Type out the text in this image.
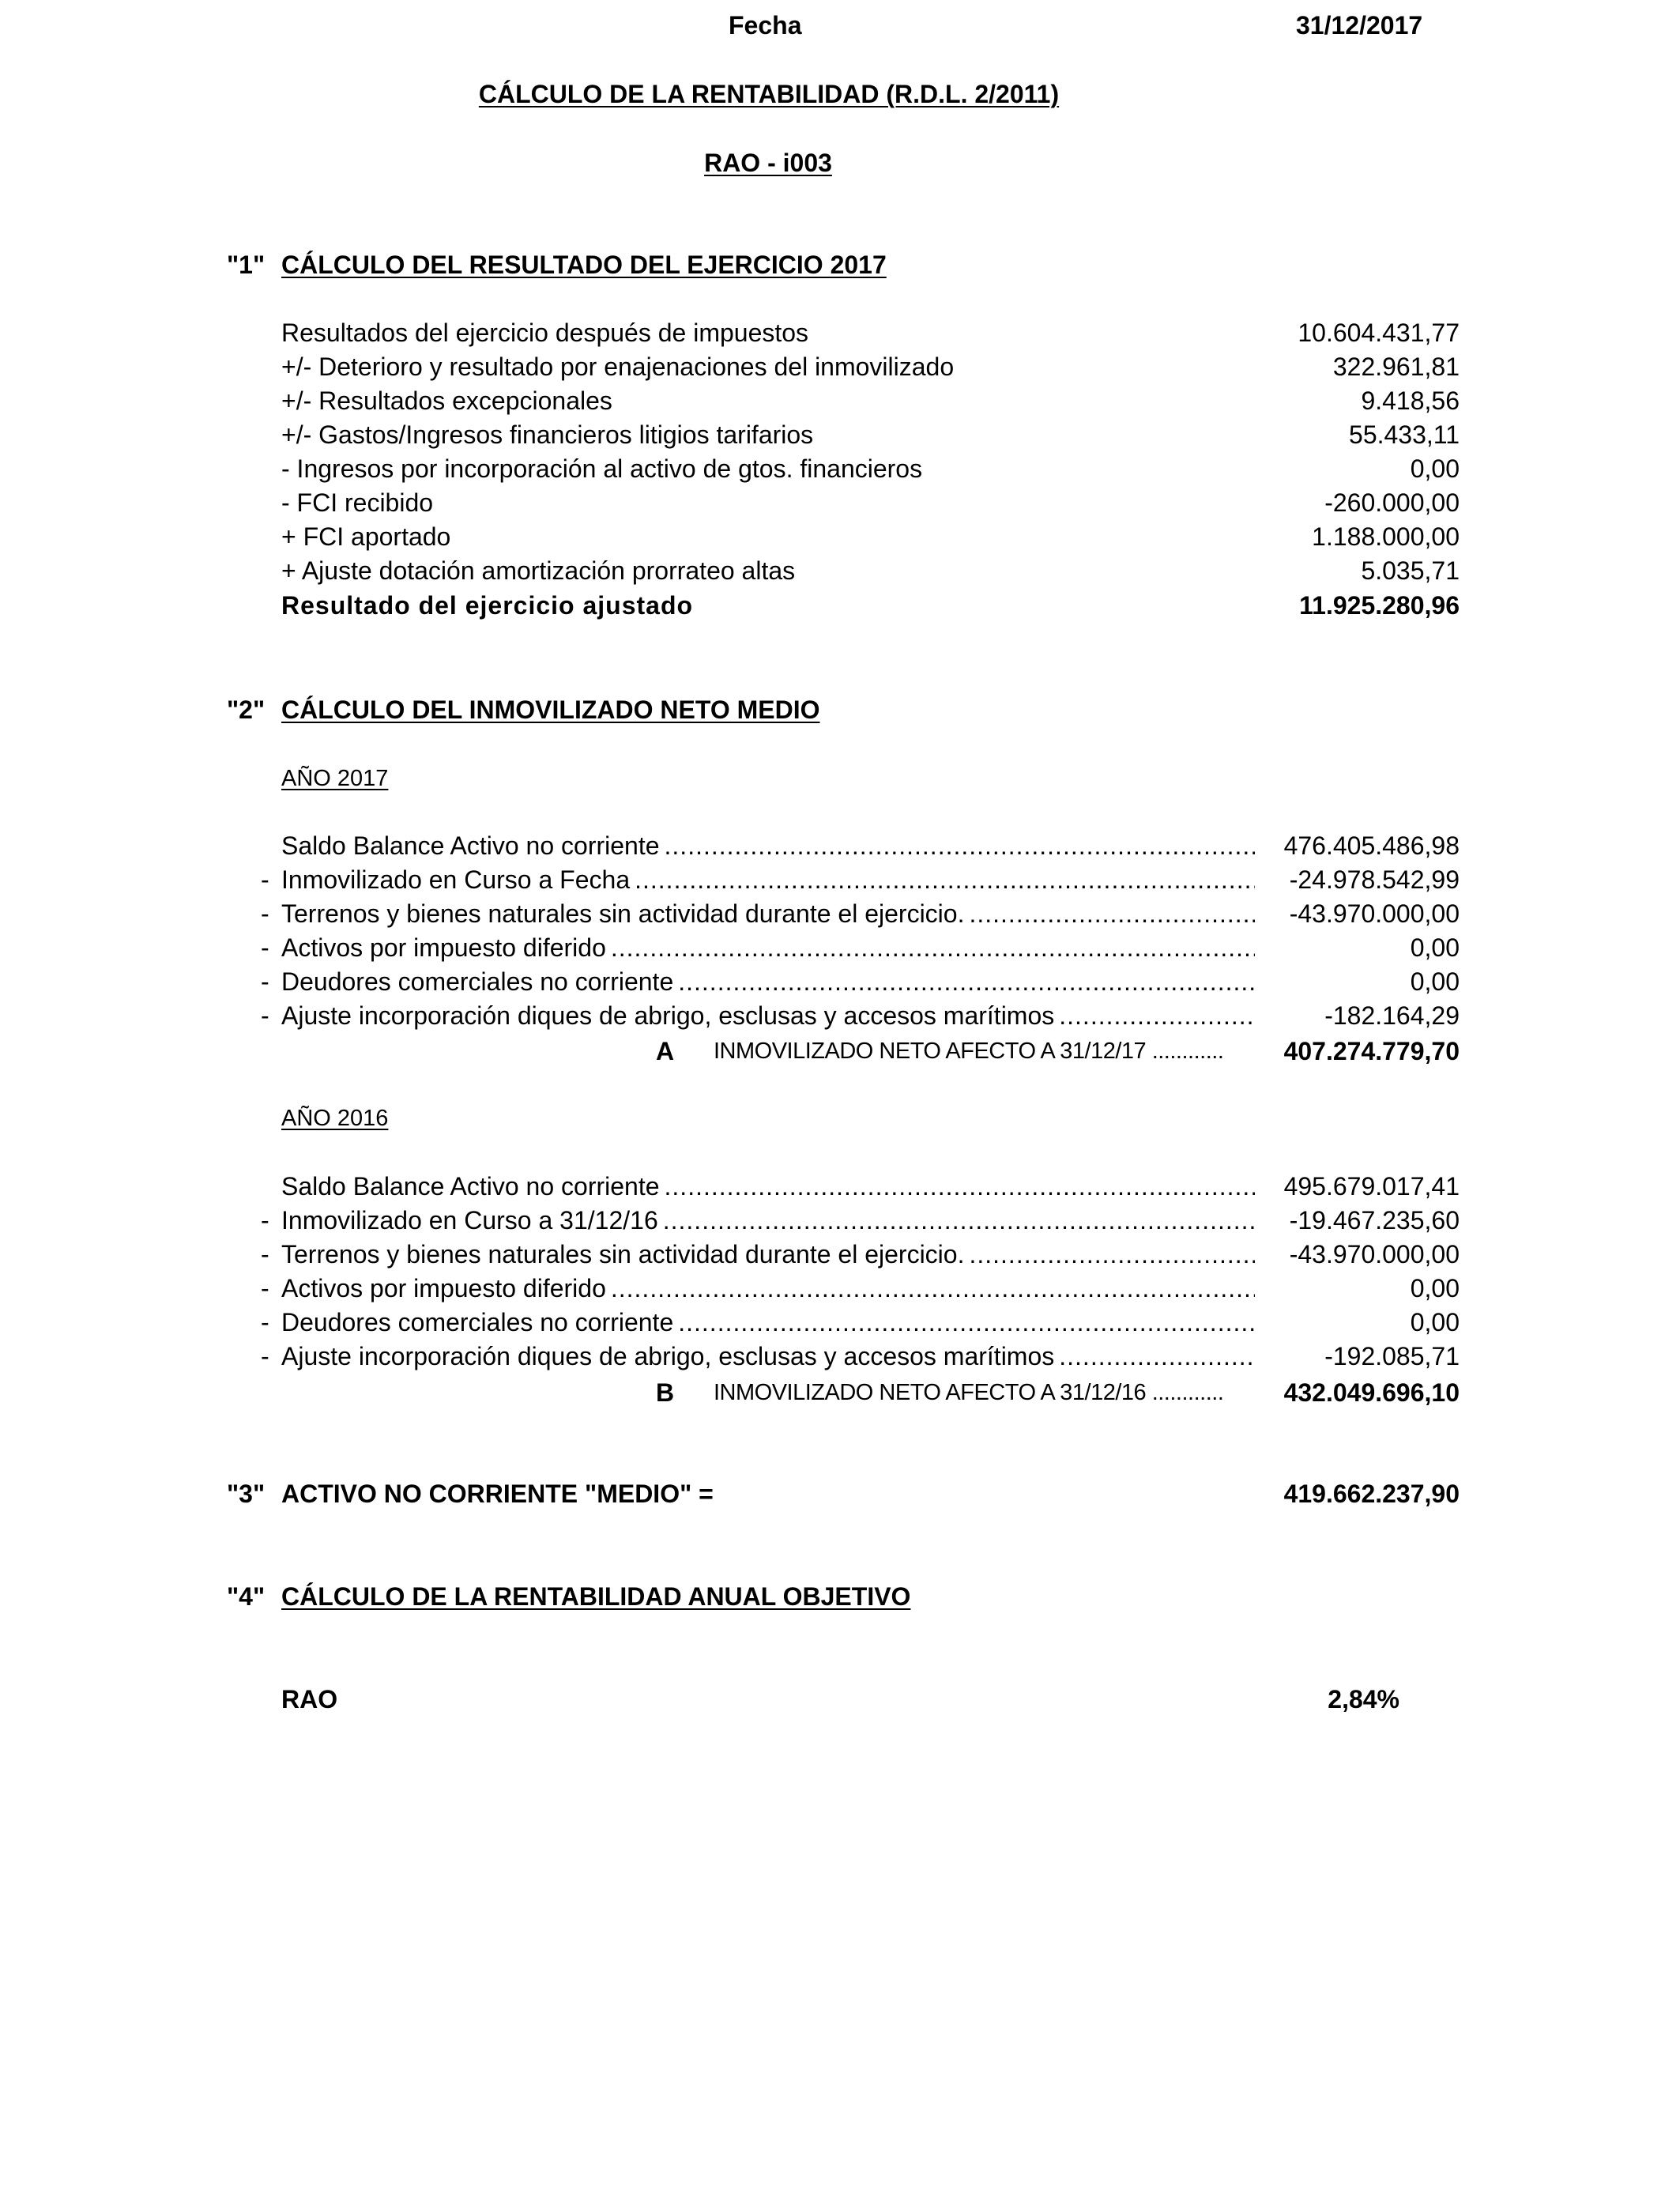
Fecha	31/12/2017
CÁLCULO DE LA RENTABILIDAD (R.D.L. 2/2011)
RAO - i003
"1" CÁLCULO DEL RESULTADO DEL EJERCICIO 2017
Resultados del ejercicio después de impuestos	10.604.431,77
+/- Deterioro y resultado por enajenaciones del inmovilizado	322.961,81
+/- Resultados excepcionales	9.418,56
+/- Gastos/Ingresos financieros litigios tarifarios	55.433,11
- Ingresos por incorporación al activo de gtos. financieros	0,00
- FCI recibido	-260.000,00
+ FCI aportado	1.188.000,00
+ Ajuste dotación amortización prorrateo altas	5.035,71
Resultado del ejercicio ajustado	11.925.280,96
"2" CÁLCULO DEL INMOVILIZADO NETO MEDIO
AÑO 2017
Saldo Balance Activo no corriente .....	476.405.486,98
- Inmovilizado en Curso a Fecha .....	-24.978.542,99
- Terrenos y bienes naturales sin actividad durante el ejercicio. .....	-43.970.000,00
- Activos por impuesto diferido .....	0,00
- Deudores comerciales no corriente .....	0,00
- Ajuste incorporación diques de abrigo, esclusas y accesos marítimos .....	-182.164,29
A INMOVILIZADO NETO AFECTO A 31/12/17 ............	407.274.779,70
AÑO 2016
Saldo Balance Activo no corriente .....	495.679.017,41
- Inmovilizado en Curso a 31/12/16 .....	-19.467.235,60
- Terrenos y bienes naturales sin actividad durante el ejercicio. .....	-43.970.000,00
- Activos por impuesto diferido .....	0,00
- Deudores comerciales no corriente .....	0,00
- Ajuste incorporación diques de abrigo, esclusas y accesos marítimos .....	-192.085,71
B INMOVILIZADO NETO AFECTO A 31/12/16 ............	432.049.696,10
"3" ACTIVO NO CORRIENTE "MEDIO" =	419.662.237,90
"4" CÁLCULO DE LA RENTABILIDAD ANUAL OBJETIVO
RAO	2,84%
